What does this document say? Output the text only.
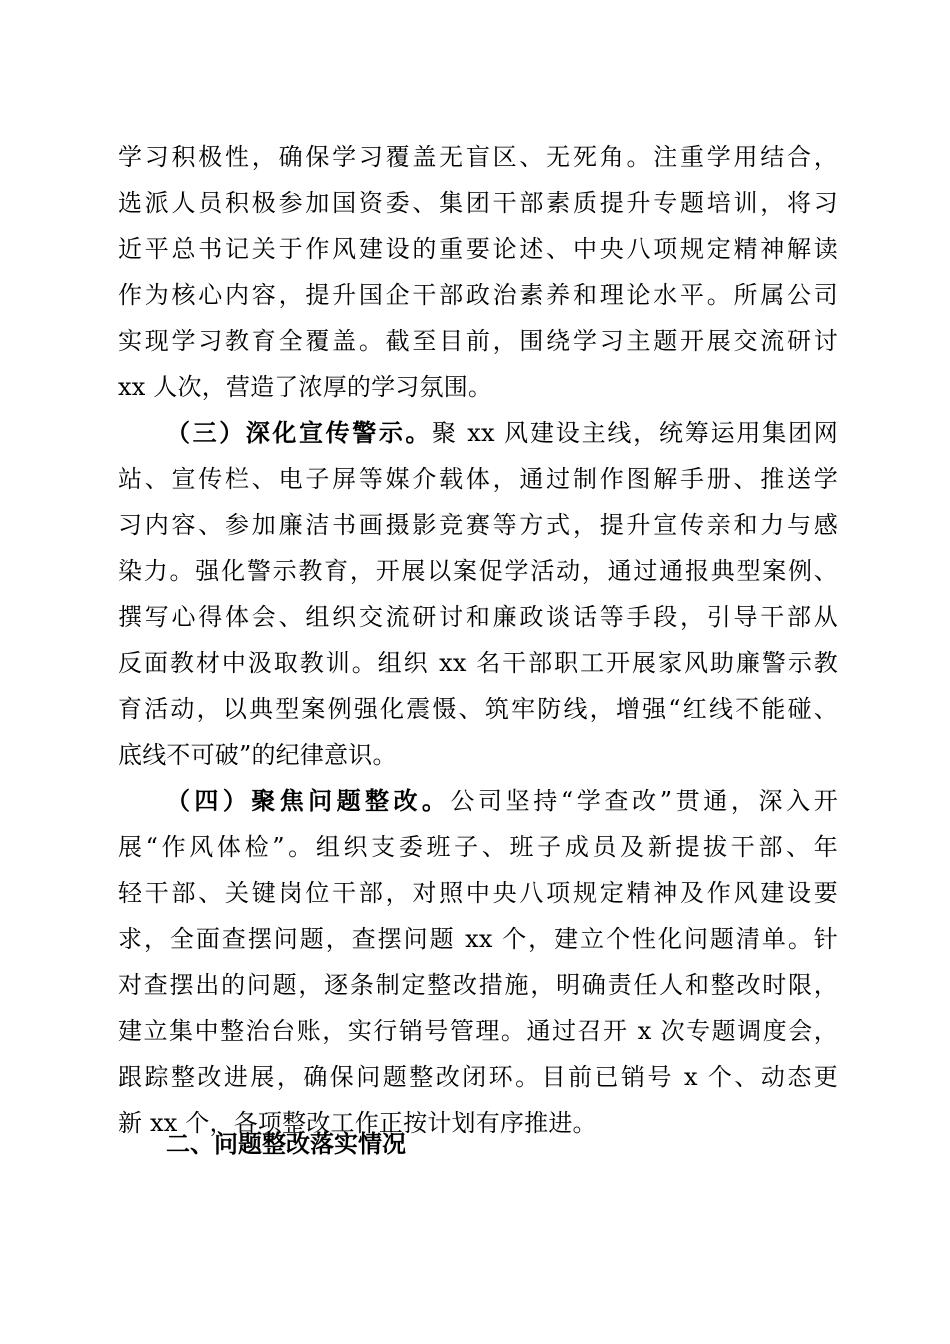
学习积极性，确保学习覆盖无盲区、无死角。注重学用结合，
选派人员积极参加国资委、集团干部素质提升专题培训，将习
近平总书记关于作风建设的重要论述、中央八项规定精神解读
作为核心内容，提升国企干部政治素养和理论水平。所属公司
实现学习教育全覆盖。截至目前，围绕学习主题开展交流研讨
xx 人次，营造了浓厚的学习氛围。
（三）深化宣传警示。聚 xx 风建设主线，统筹运用集团网
站、宣传栏、电子屏等媒介载体，通过制作图解手册、推送学
习内容、参加廉洁书画摄影竞赛等方式，提升宣传亲和力与感
染力。强化警示教育，开展以案促学活动，通过通报典型案例、
撰写心得体会、组织交流研讨和廉政谈话等手段，引导干部从
反面教材中汲取教训。组织 xx 名干部职工开展家风助廉警示教
育活动，以典型案例强化震慑、筑牢防线，增强“红线不能碰、
底线不可破”的纪律意识。
（四）聚焦问题整改。公司坚持“学查改”贯通，深入开
展“作风体检”。组织支委班子、班子成员及新提拔干部、年
轻干部、关键岗位干部，对照中央八项规定精神及作风建设要
求，全面查摆问题，查摆问题 xx 个，建立个性化问题清单。针
对查摆出的问题，逐条制定整改措施，明确责任人和整改时限，
建立集中整治台账，实行销号管理。通过召开 x 次专题调度会，
跟踪整改进展，确保问题整改闭环。目前已销号 x 个、动态更
新 xx 个，各项整改工作正按计划有序推进。
二、问题整改落实情况
